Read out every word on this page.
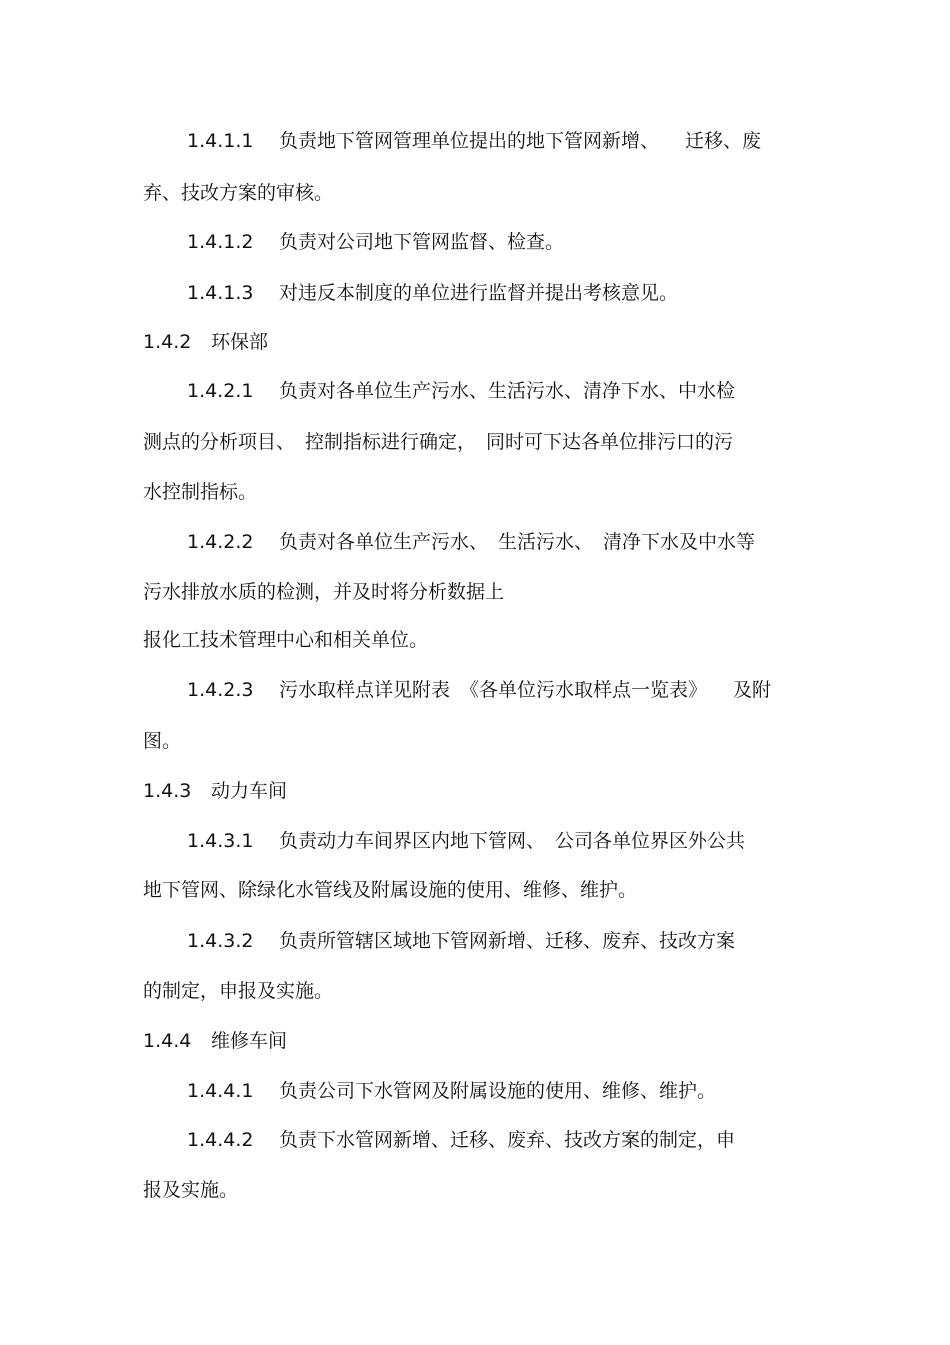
1.4.1.1 负责地下管网管理单位提出的地下管网新增、 迁移、废
弃、技改方案的审核。
1.4.1.2 负责对公司地下管网监督、检查。
1.4.1.3 对违反本制度的单位进行监督并提出考核意见。
1.4.2 环保部
1.4.2.1 负责对各单位生产污水、生活污水、清净下水、中水检
测点的分析项目、 控制指标进行确定， 同时可下达各单位排污口的污
水控制指标。
1.4.2.2 负责对各单位生产污水、 生活污水、 清净下水及中水等
污水排放水质的检测，并及时将分析数据上
报化工技术管理中心和相关单位。
1.4.2.3 污水取样点详见附表 《各单位污水取样点一览表》 及附
图。
1.4.3 动力车间
1.4.3.1 负责动力车间界区内地下管网、 公司各单位界区外公共
地下管网、除绿化水管线及附属设施的使用、维修、维护。
1.4.3.2 负责所管辖区域地下管网新增、迁移、废弃、技改方案
的制定，申报及实施。
1.4.4 维修车间
1.4.4.1 负责公司下水管网及附属设施的使用、维修、维护。
1.4.4.2 负责下水管网新增、迁移、废弃、技改方案的制定，申
报及实施。
